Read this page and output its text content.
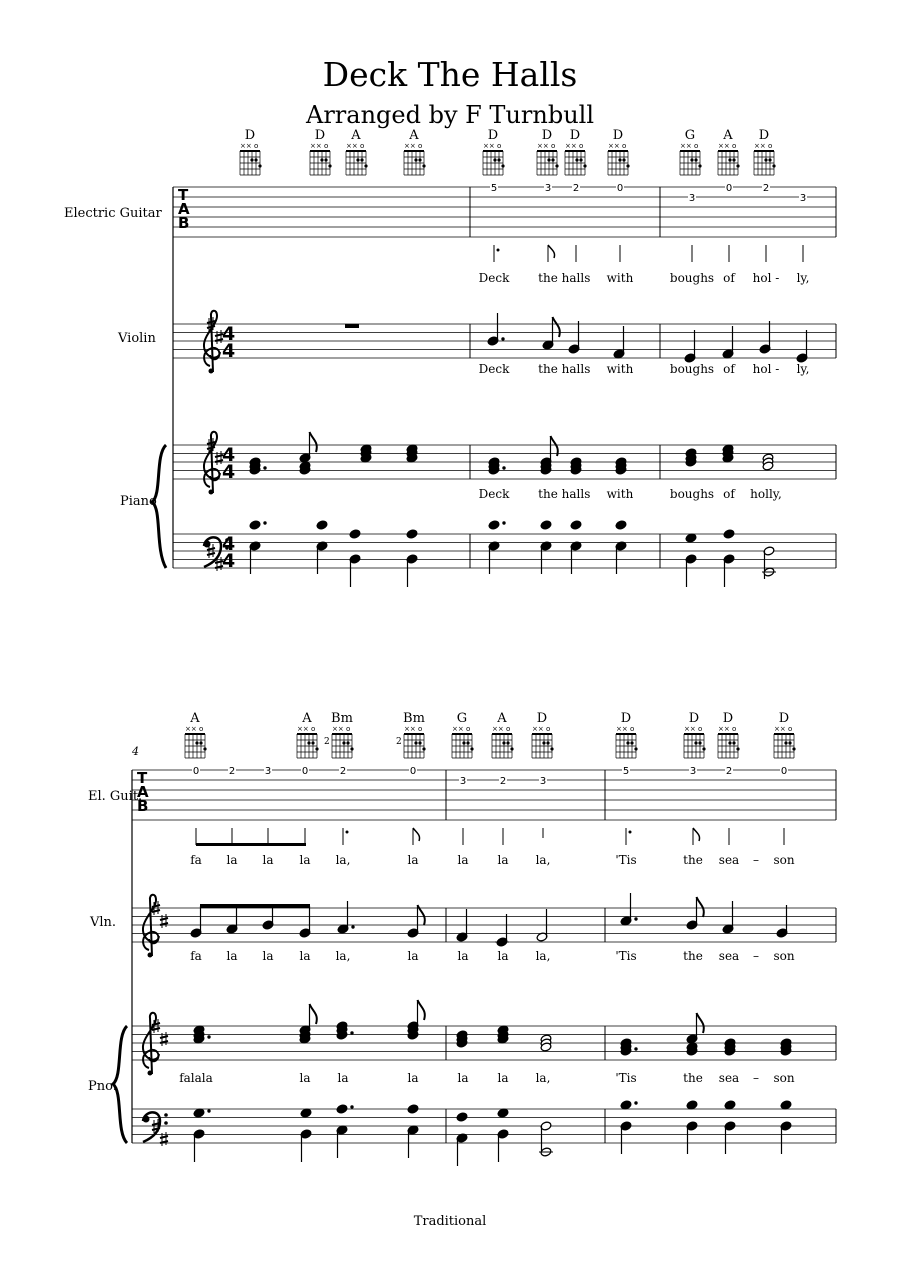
Deck The Halls
Arranged by F Turnbull
Traditional
Electric Guitar
Violin
Piano
D
×× o
D
×× o
A
×× o
A
×× o
D
×× o
D
×× o
D
×× o
D
×× o
G
×× o
A
×× o
D
×× o
T
A
B
5	3 2	0
3
0	2
3
Deck the halls with	boughs of hol - ly,
4
4
Deck the halls with	boughs of hol - ly,
4
4
4
4
Deck the halls with	boughs of holly,
4
El. Guit.
Vln.
Pno.
A
×× o
A
×× o
Bm
×× o
2
Bm
×× o
2
G
×× o
A
×× o
D
×× o
D
×× o
D
×× o
D
×× o
D
×× o
T
A
B
0	2	3	0	2	0
3	2	3
5	3	2	0
fa la la la la,	la	la la la,	'Tis	the sea	son
–
fa la la la la,	la	la la la,	'Tis	the sea	son
–
falala	la la	la	la la la,	'Tis	the sea	son
–
